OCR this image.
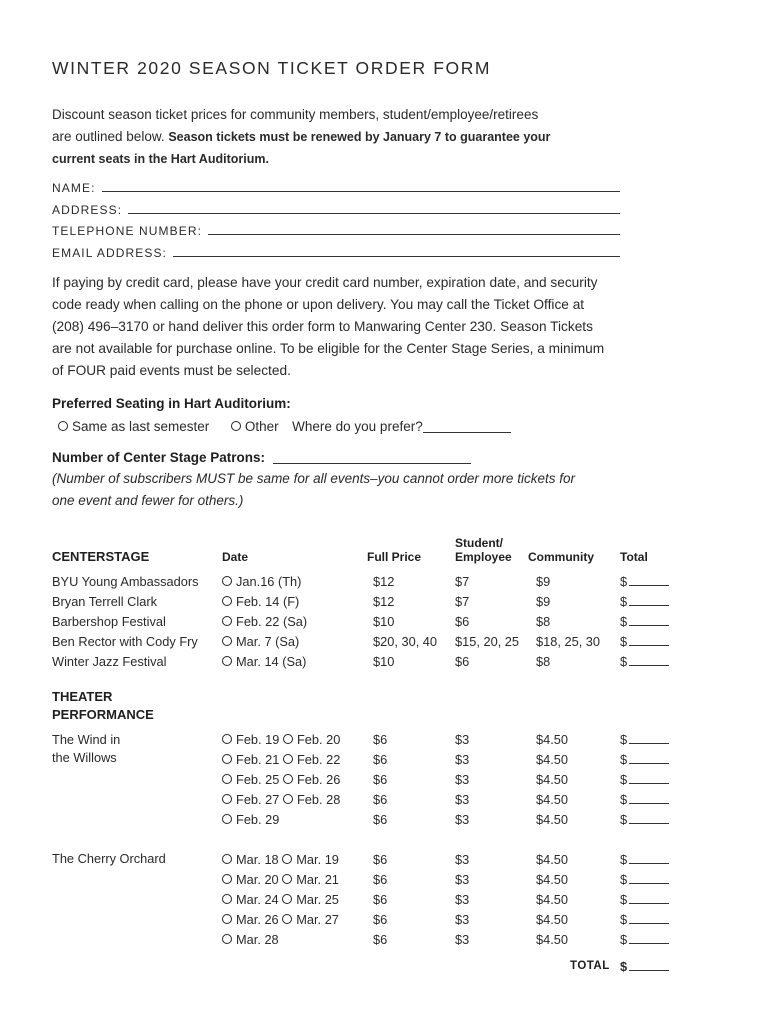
WINTER 2020 SEASON TICKET ORDER FORM
Discount season ticket prices for community members, student/employee/retirees
are outlined below. Season tickets must be renewed by January 7 to guarantee your
current seats in the Hart Auditorium.
NAME:
ADDRESS:
TELEPHONE NUMBER:
EMAIL ADDRESS:
If paying by credit card, please have your credit card number, expiration date, and security
code ready when calling on the phone or upon delivery. You may call the Ticket Office at
(208) 496–3170 or hand deliver this order form to Manwaring Center 230. Season Tickets
are not available for purchase online. To be eligible for the Center Stage Series, a minimum
of FOUR paid events must be selected.
Preferred Seating in Hart Auditorium:
Same as last semester	Other Where do you prefer?
Number of Center Stage Patrons:
(Number of subscribers MUST be same for all events–you cannot order more tickets for
one event and fewer for others.)
CENTERSTAGE	Date	Full Price
Student/
Employee Community Total
BYU Young Ambassadors	Jan.16 (Th)	$12	$7	$9	$
Bryan Terrell Clark	Feb. 14 (F)	$12	$7	$9	$
Barbershop Festival	Feb. 22 (Sa)	$10	$6	$8	$
Ben Rector with Cody Fry	Mar. 7 (Sa)	$20, 30, 40 $15, 20, 25 $18, 25, 30 $
Winter Jazz Festival	Mar. 14 (Sa)	$10	$6	$8	$
THEATER
PERFORMANCE
The Wind in
the Willows
Feb. 19 Feb. 20	$6	$3	$4.50	$
Feb. 21 Feb. 22	$6	$3	$4.50	$
Feb. 25 Feb. 26	$6	$3	$4.50	$
Feb. 27 Feb. 28	$6	$3	$4.50	$
Feb. 29	$6	$3	$4.50	$
The Cherry Orchard	Mar. 18 Mar. 19	$6	$3	$4.50	$
Mar. 20 Mar. 21	$6	$3	$4.50	$
Mar. 24 Mar. 25	$6	$3	$4.50	$
Mar. 26 Mar. 27	$6	$3	$4.50	$
Mar. 28	$6	$3	$4.50	$
TOTAL $
